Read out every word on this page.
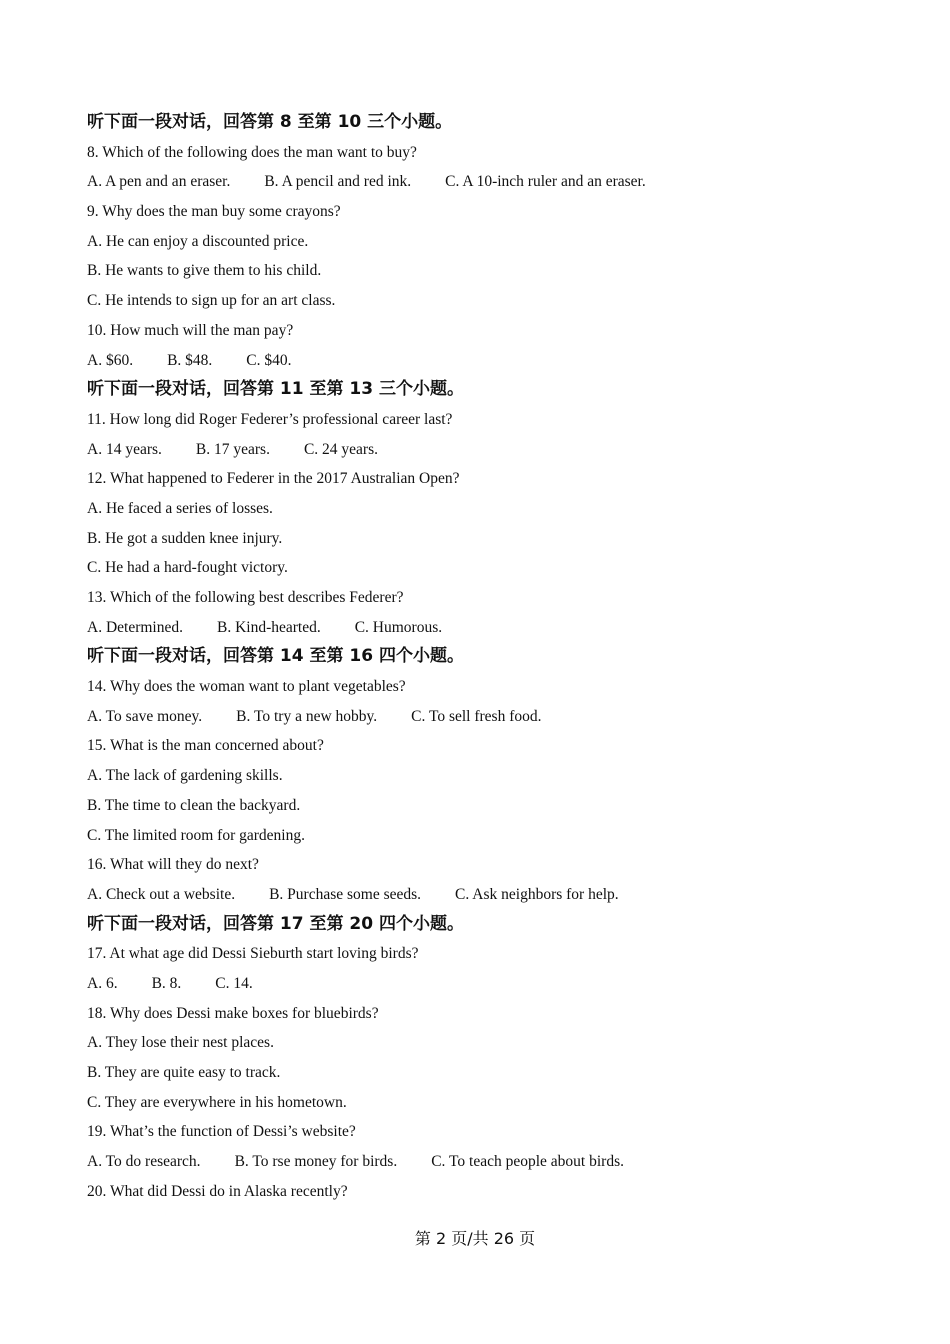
听下面一段对话，回答第 8 至第 10 三个小题。
8. Which of the following does the man want to buy?
A. A pen and an eraser. B. A pencil and red ink. C. A 10-inch ruler and an eraser.
9. Why does the man buy some crayons?
A. He can enjoy a discounted price.
B. He wants to give them to his child.
C. He intends to sign up for an art class.
10. How much will the man pay?
A. $60. B. $48. C. $40.
听下面一段对话，回答第 11 至第 13 三个小题。
11. How long did Roger Federer’s professional career last?
A. 14 years. B. 17 years. C. 24 years.
12. What happened to Federer in the 2017 Australian Open?
A. He faced a series of losses.
B. He got a sudden knee injury.
C. He had a hard-fought victory.
13. Which of the following best describes Federer?
A. Determined. B. Kind-hearted. C. Humorous.
听下面一段对话，回答第 14 至第 16 四个小题。
14. Why does the woman want to plant vegetables?
A. To save money. B. To try a new hobby. C. To sell fresh food.
15. What is the man concerned about?
A. The lack of gardening skills.
B. The time to clean the backyard.
C. The limited room for gardening.
16. What will they do next?
A. Check out a website. B. Purchase some seeds. C. Ask neighbors for help.
听下面一段对话，回答第 17 至第 20 四个小题。
17. At what age did Dessi Sieburth start loving birds?
A. 6. B. 8. C. 14.
18. Why does Dessi make boxes for bluebirds?
A. They lose their nest places.
B. They are quite easy to track.
C. They are everywhere in his hometown.
19. What’s the function of Dessi’s website?
A. To do research. B. To rse money for birds. C. To teach people about birds.
20. What did Dessi do in Alaska recently?
第 2 页/共 26 页
